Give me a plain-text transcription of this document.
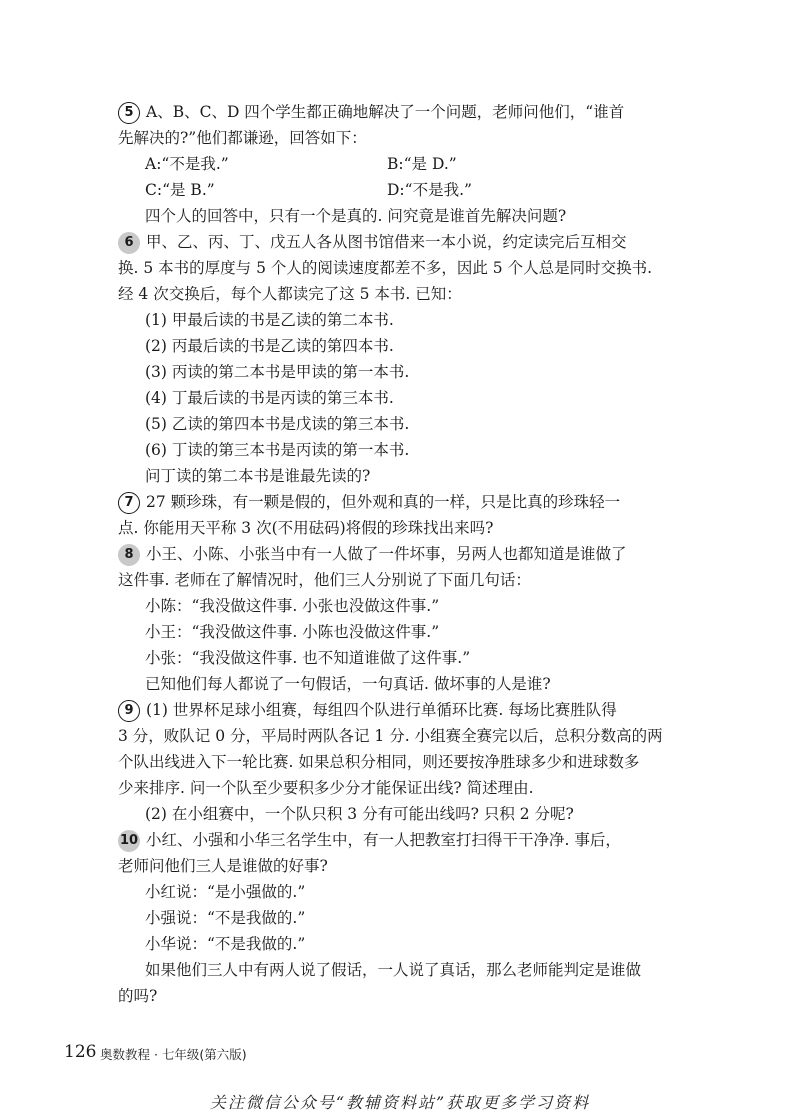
5 A、B、C、D 四个学生都正确地解决了一个问题，老师问他们，“谁首
先解决的?”他们都谦逊，回答如下：
A:“不是我.”	B:“是 D.”
C:“是 B.”	D:“不是我.”
四个人的回答中，只有一个是真的. 问究竟是谁首先解决问题?
6 甲、乙、丙、丁、戊五人各从图书馆借来一本小说，约定读完后互相交
换. 5 本书的厚度与 5 个人的阅读速度都差不多，因此 5 个人总是同时交换书.
经 4 次交换后，每个人都读完了这 5 本书. 已知：
(1) 甲最后读的书是乙读的第二本书.
(2) 丙最后读的书是乙读的第四本书.
(3) 丙读的第二本书是甲读的第一本书.
(4) 丁最后读的书是丙读的第三本书.
(5) 乙读的第四本书是戊读的第三本书.
(6) 丁读的第三本书是丙读的第一本书.
问丁读的第二本书是谁最先读的?
7 27 颗珍珠，有一颗是假的，但外观和真的一样，只是比真的珍珠轻一
点. 你能用天平称 3 次(不用砝码)将假的珍珠找出来吗?
8 小王、小陈、小张当中有一人做了一件坏事，另两人也都知道是谁做了
这件事. 老师在了解情况时，他们三人分别说了下面几句话：
小陈：“我没做这件事. 小张也没做这件事.”
小王：“我没做这件事. 小陈也没做这件事.”
小张：“我没做这件事. 也不知道谁做了这件事.”
已知他们每人都说了一句假话，一句真话. 做坏事的人是谁?
9 (1) 世界杯足球小组赛，每组四个队进行单循环比赛. 每场比赛胜队得
3 分，败队记 0 分，平局时两队各记 1 分. 小组赛全赛完以后，总积分数高的两
个队出线进入下一轮比赛. 如果总积分相同，则还要按净胜球多少和进球数多
少来排序. 问一个队至少要积多少分才能保证出线? 简述理由.
(2) 在小组赛中，一个队只积 3 分有可能出线吗? 只积 2 分呢?
10 小红、小强和小华三名学生中，有一人把教室打扫得干干净净. 事后，
老师问他们三人是谁做的好事?
小红说：“是小强做的.”
小强说：“不是我做的.”
小华说：“不是我做的.”
如果他们三人中有两人说了假话，一人说了真话，那么老师能判定是谁做
的吗?
126 奥数教程 · 七年级(第六版)
关注微信公众号“教辅资料站”获取更多学习资料
